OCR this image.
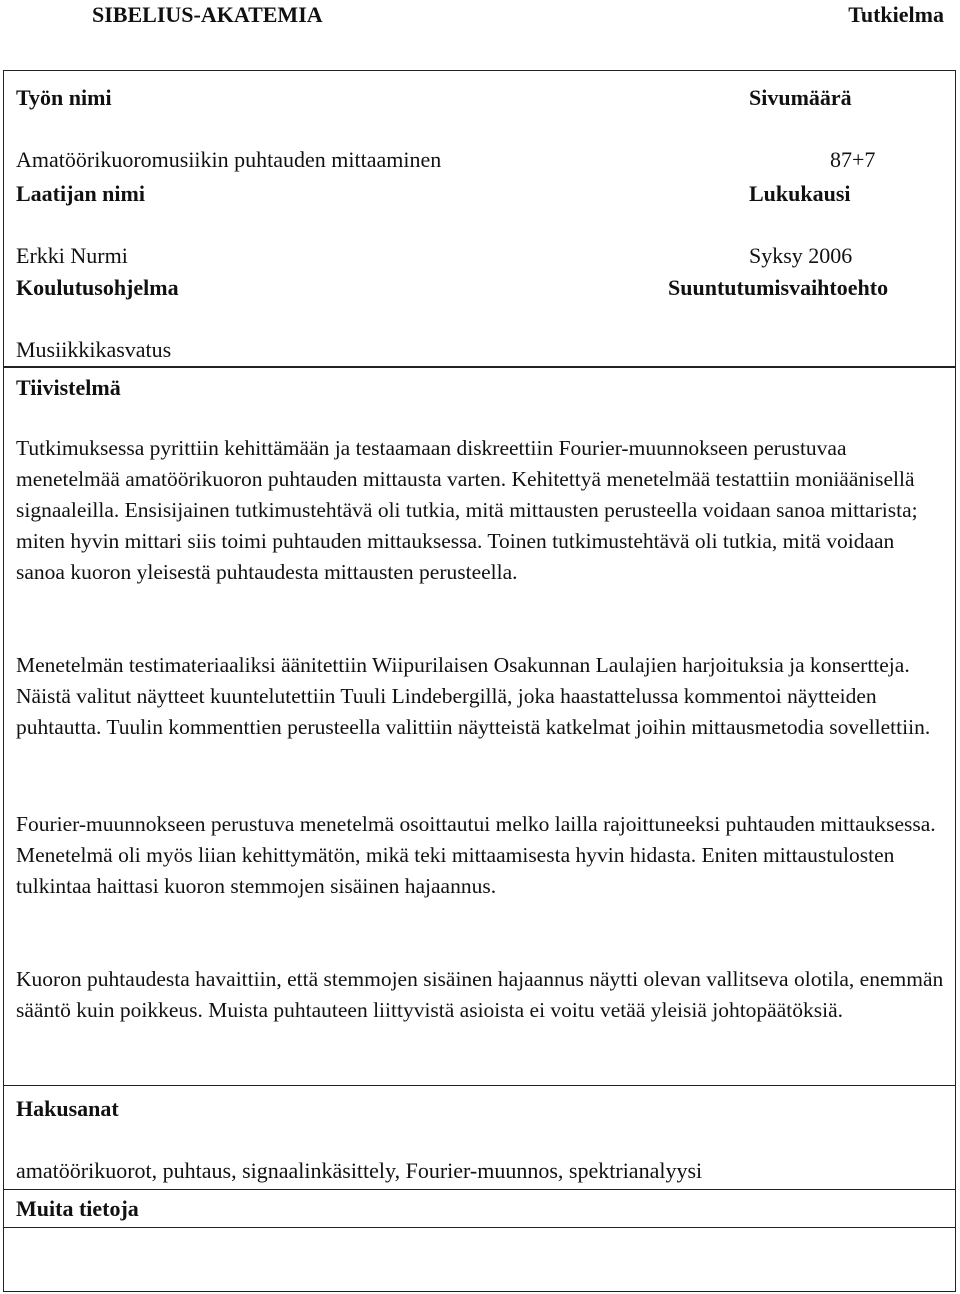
SIBELIUS-AKATEMIA	Tutkielma
Työn nimi	Sivumäärä
Amatöörikuoromusiikin puhtauden mittaaminen	87+7
Laatijan nimi	Lukukausi
Erkki Nurmi	Syksy 2006
Koulutusohjelma	Suuntutumisvaihtoehto
Musiikkikasvatus
Tiivistelmä
Tutkimuksessa pyrittiin kehittämään ja testaamaan diskreettiin Fourier-muunnokseen perustuvaa menetelmää amatöörikuoron puhtauden mittausta varten. Kehitettyä menetelmää testattiin moniäänisellä signaaleilla. Ensisijainen tutkimustehtävä oli tutkia, mitä mittausten perusteella voidaan sanoa mittarista; miten hyvin mittari siis toimi puhtauden mittauksessa. Toinen tutkimustehtävä oli tutkia, mitä voidaan sanoa kuoron yleisestä puhtaudesta mittausten perusteella.
Menetelmän testimateriaaliksi äänitettiin Wiipurilaisen Osakunnan Laulajien harjoituksia ja konsertteja. Näistä valitut näytteet kuuntelutettiin Tuuli Lindebergillä, joka haastattelussa kommentoi näytteiden puhtautta. Tuulin kommenttien perusteella valittiin näytteistä katkelmat joihin mittausmetodia sovellettiin.
Fourier-muunnokseen perustuva menetelmä osoittautui melko lailla rajoittuneeksi puhtauden mittauksessa. Menetelmä oli myös liian kehittymätön, mikä teki mittaamisesta hyvin hidasta. Eniten mittaustulosten tulkintaa haittasi kuoron stemmojen sisäinen hajaannus.
Kuoron puhtaudesta havaittiin, että stemmojen sisäinen hajaannus näytti olevan vallitseva olotila, enemmän sääntö kuin poikkeus. Muista puhtauteen liittyvistä asioista ei voitu vetää yleisiä johtopäätöksiä.
Hakusanat
amatöörikuorot, puhtaus, signaalinkäsittely, Fourier-muunnos, spektrianalyysi
Muita tietoja
